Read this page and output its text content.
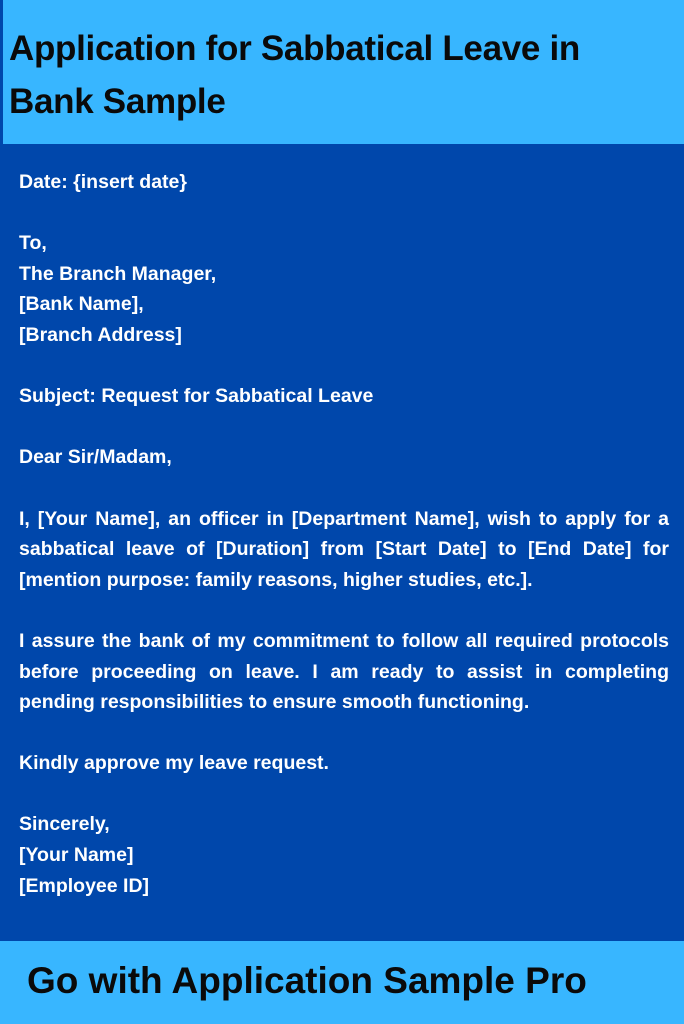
Application for Sabbatical Leave in Bank Sample

Date: {insert date}

To,
The Branch Manager,
[Bank Name],
[Branch Address]

Subject: Request for Sabbatical Leave

Dear Sir/Madam,

I, [Your Name], an officer in [Department Name], wish to apply for a sabbatical leave of [Duration] from [Start Date] to [End Date] for [mention purpose: family reasons, higher studies, etc.].

I assure the bank of my commitment to follow all required protocols before proceeding on leave. I am ready to assist in completing pending responsibilities to ensure smooth functioning.

Kindly approve my leave request.

Sincerely,
[Your Name]
[Employee ID]

Go with Application Sample Pro
